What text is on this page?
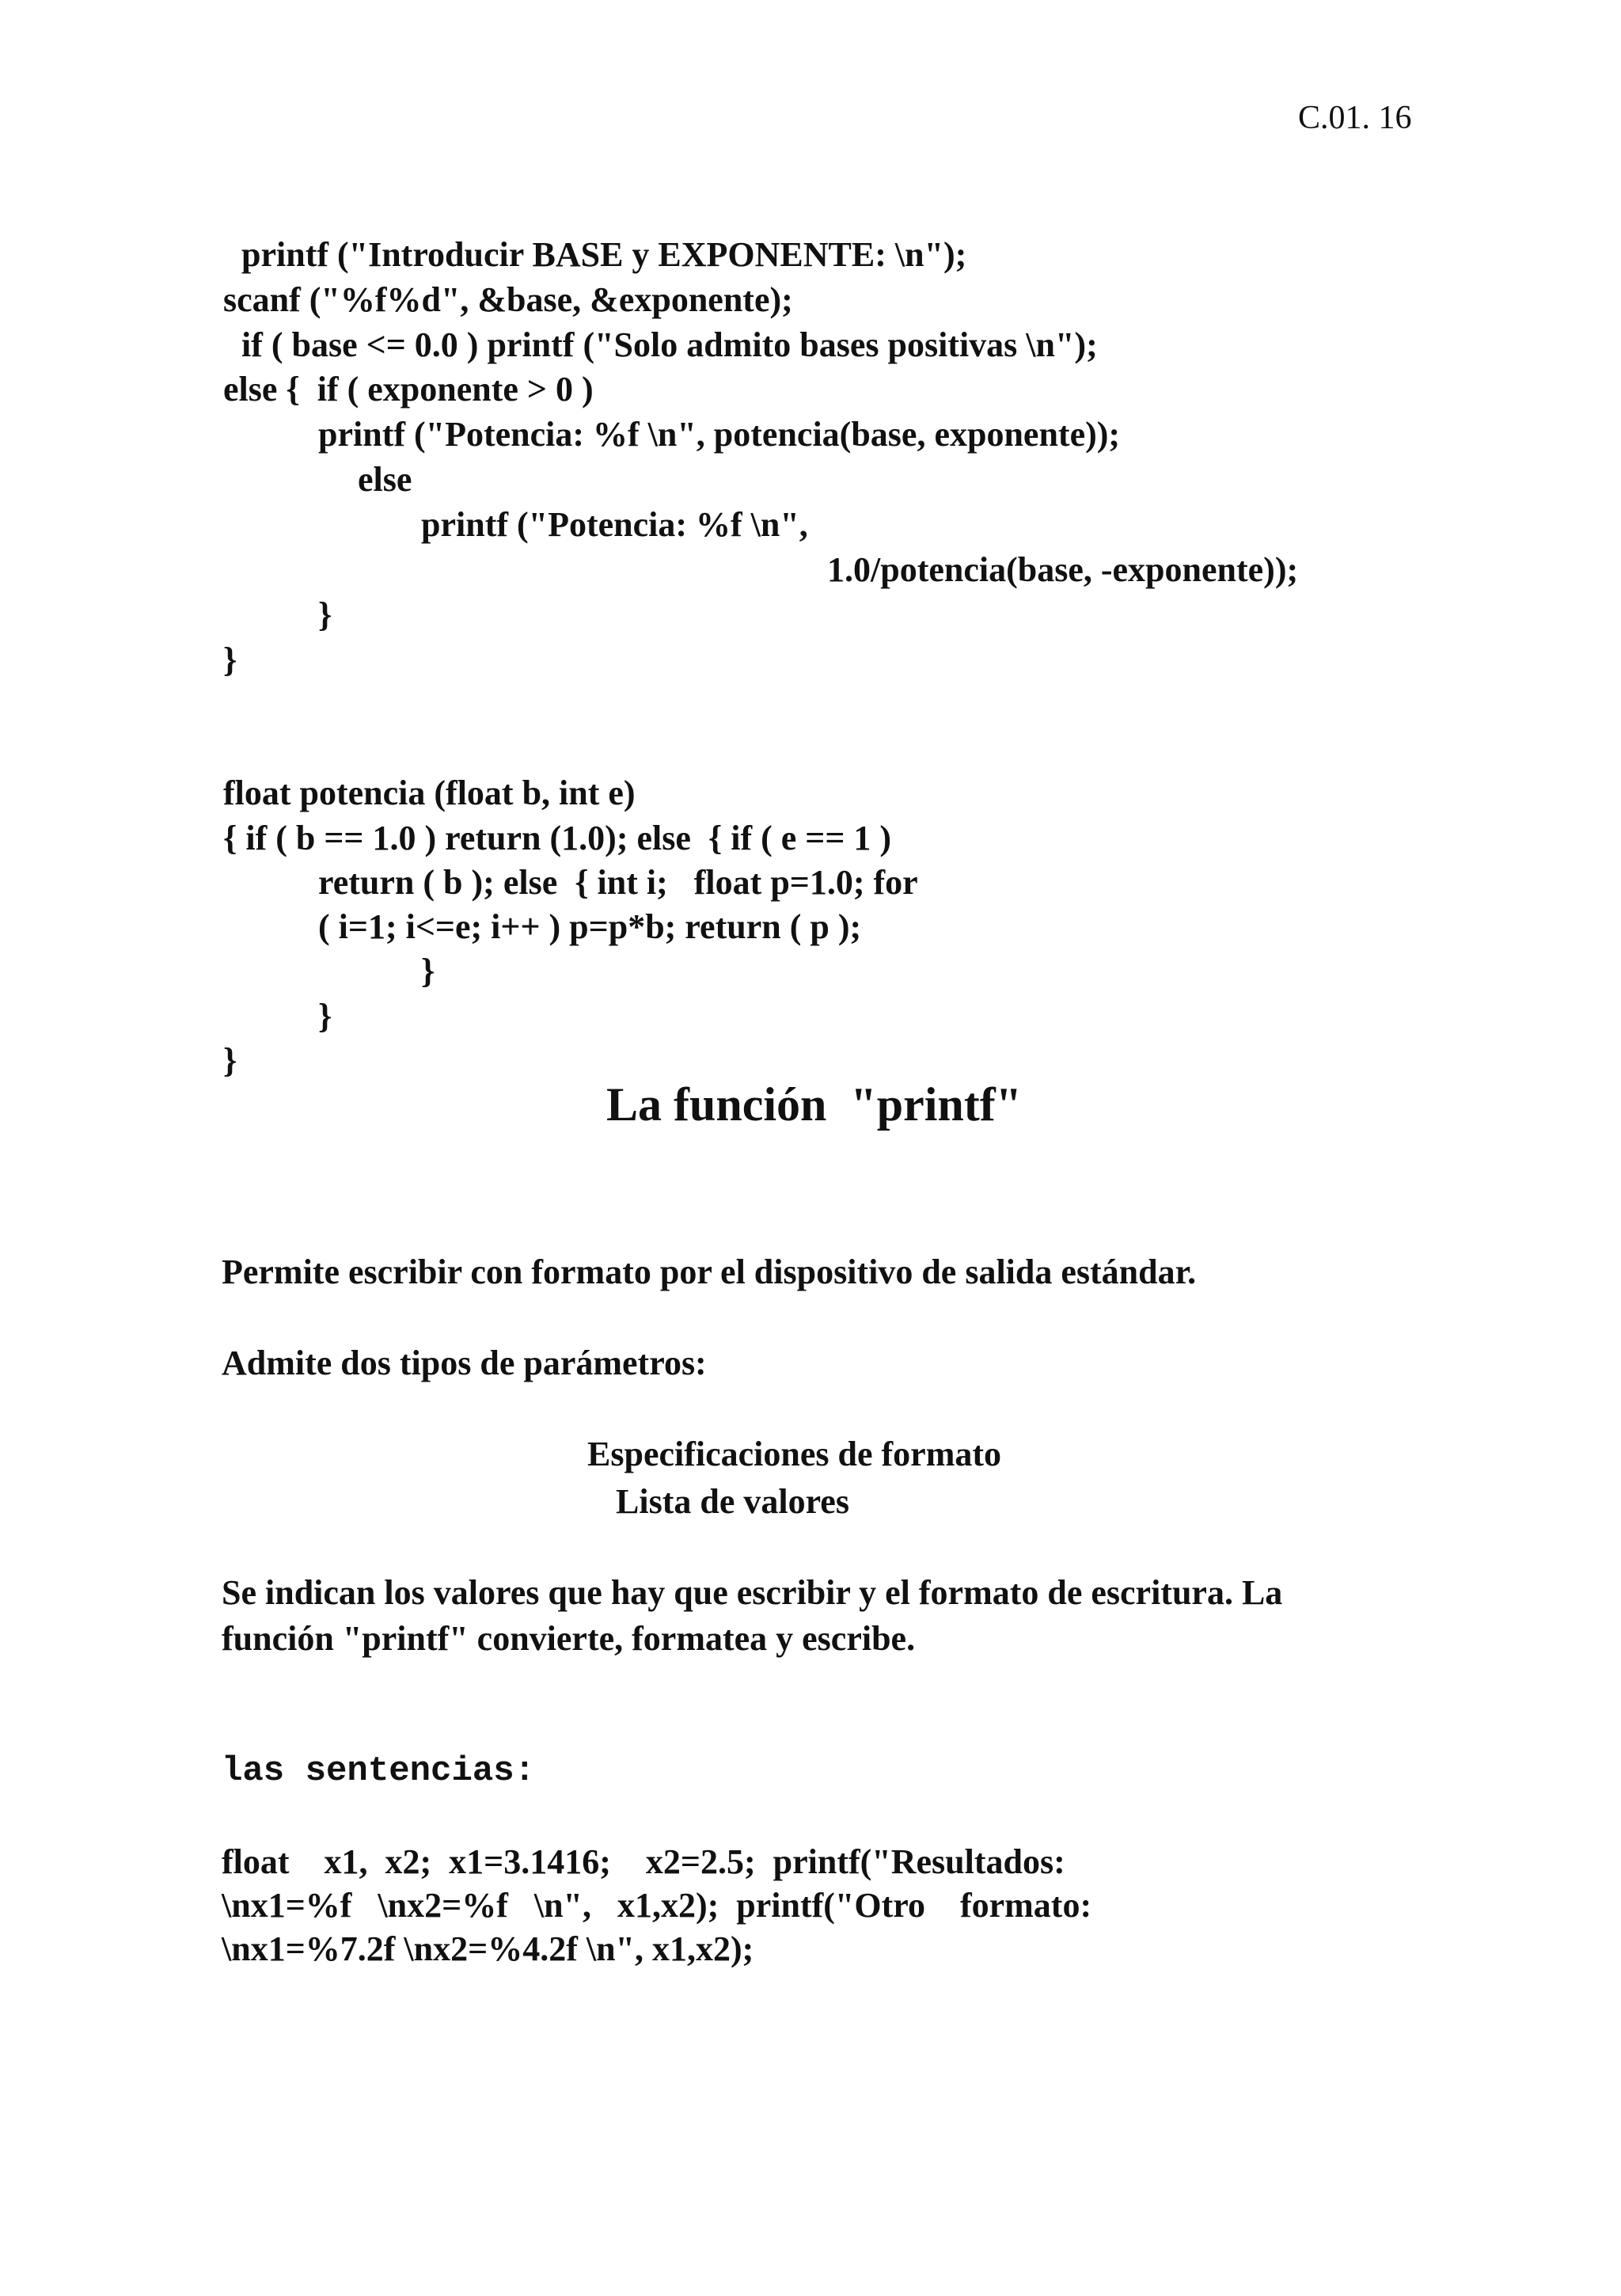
C.01. 16
printf ("Introducir BASE y EXPONENTE: \n");
scanf ("%f%d", &base, &exponente);
if ( base <= 0.0 ) printf ("Solo admito bases positivas \n");
else {  if ( exponente > 0 )
printf ("Potencia: %f \n", potencia(base, exponente));
else
printf ("Potencia: %f \n",
1.0/potencia(base, -exponente));
}
}
float potencia (float b, int e)
{ if ( b == 1.0 ) return (1.0); else  { if ( e == 1 )
return ( b ); else  { int i;   float p=1.0; for
( i=1; i<=e; i++ ) p=p*b; return ( p );
}
}
}
La función  "printf"
Permite escribir con formato por el dispositivo de salida estándar.
Admite dos tipos de parámetros:
Especificaciones de formato
Lista de valores
Se indican los valores que hay que escribir y el formato de escritura. La
función "printf" convierte, formatea y escribe.
las sentencias:
float    x1,  x2;  x1=3.1416;    x2=2.5;  printf("Resultados:
\nx1=%f   \nx2=%f   \n",   x1,x2);  printf("Otro    formato:
\nx1=%7.2f \nx2=%4.2f \n", x1,x2);
